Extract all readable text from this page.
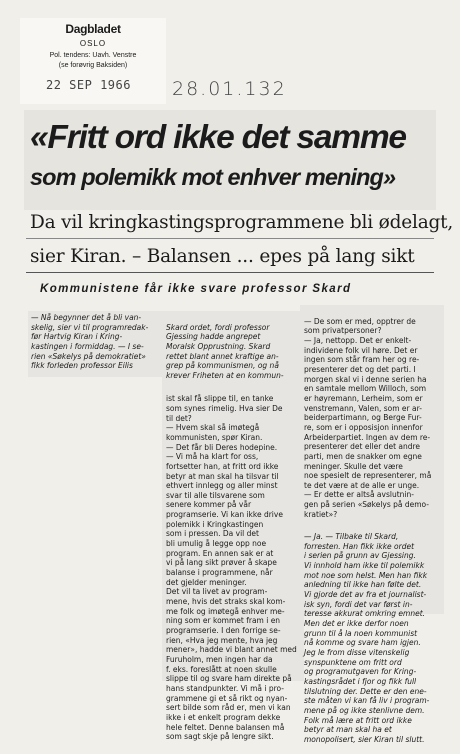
Dagbladet
OSLO
Pol. tendens: Uavh. Venstre
(se forøvrig Baksiden)
22 SEP 1966 28.01.132
«Fritt ord ikke det samme
som polemikk mot enhver mening»
Da vil kringkastingsprogrammene bli ødelagt,
sier Kiran. – Balansen ... epes på lang sikt
Kommunistene får ikke svare professor Skard
— Nå begynner det å bli van-
skelig, sier vi til programredak-
før Hartvig Kiran i Kring-
kastingen i formiddag. — I se-
rien «Søkelys på demokratiet»
fikk forleden professor Eilis

Skard ordet, fordi professor
Gjessing hadde angrepet
Moralsk Opprustning. Skard
rettet blant annet kraftige an-
grep på kommunismen, og nå
krever Friheten at en kommun-

ist skal få slippe til, en tanke
som synes rimelig. Hva sier De
til det?
— Hvem skal så imøtegå
kommunisten, spør Kiran.
— Det får bli Deres hodepine.
— Vi må ha klart for oss,
fortsetter han, at fritt ord ikke
betyr at man skal ha tilsvar til
ethvert innlegg og aller minst
svar til alle tilsvarene som
senere kommer på vår
programserie. Vi kan ikke drive
polemikk i Kringkastingen
som i pressen. Da vil det
bli umulig å legge opp noe
program. En annen sak er at
vi på lang sikt prøver å skape
balanse i programmene, når
det gjelder meninger.
Det vil ta livet av program-
mene, hvis det straks skal kom-
me folk og imøtegå enhver me-
ning som er kommet fram i en
programserie. I den forrige se-
rien, «Hva jeg mente, hva jeg
mener», hadde vi blant annet med
Furuholm, men ingen har da
f. eks. foreslått at noen skulle
slippe til og svare ham direkte på
hans standpunkter. Vi må i pro-
grammene gi et så rikt og nyan-
sert bilde som råd er, men vi kan
ikke i et enkelt program dekke
hele feltet. Denne balansen må
som sagt skje på lengre sikt.

— De som er med, opptrer de
som privatpersoner?
— Ja, nettopp. Det er enkelt-
individene folk vil høre. Det er
ingen som står fram her og re-
presenterer det og det parti. I
morgen skal vi i denne serien ha
en samtale mellom Willoch, som
er høyremann, Lerheim, som er
venstremann, Valen, som er ar-
beiderpartimann, og Berge Fur-
re, som er i opposisjon innenfor
Arbeiderpartiet. Ingen av dem re-
presenterer det eller det andre
parti, men de snakker om egne
meninger. Skulle det være
noe spesielt de representerer, må
te det være at de alle er unge.
— Er dette er altså avslutnin-
gen på serien «Søkelys på demo-
kratiet»?

— Ja. — Tilbake til Skard,
forresten. Han fikk ikke ordet
i serien på grunn av Gjessing.
Vi innhold ham ikke til polemikk
mot noe som helst. Men han fikk
anledning til ikke han følte det.
Vi gjorde det av fra et journalist-
isk syn, fordi det var først in-
teresse akkurat omkring emnet.
Men det er ikke derfor noen
grunn til å la noen kommunist
nå komme og svare ham igjen.
Jeg le from disse vitenskelig
synspunktene om fritt ord
og programutgaven for Kring-
kastingsrådet i fjor og fikk full
tilslutning der. Dette er den ene-
ste måten vi kan få liv i program-
mene på og ikke stenlivne dem.
Folk må lære at fritt ord ikke
betyr at man skal ha et
monopolisert, sier Kiran til slutt.
